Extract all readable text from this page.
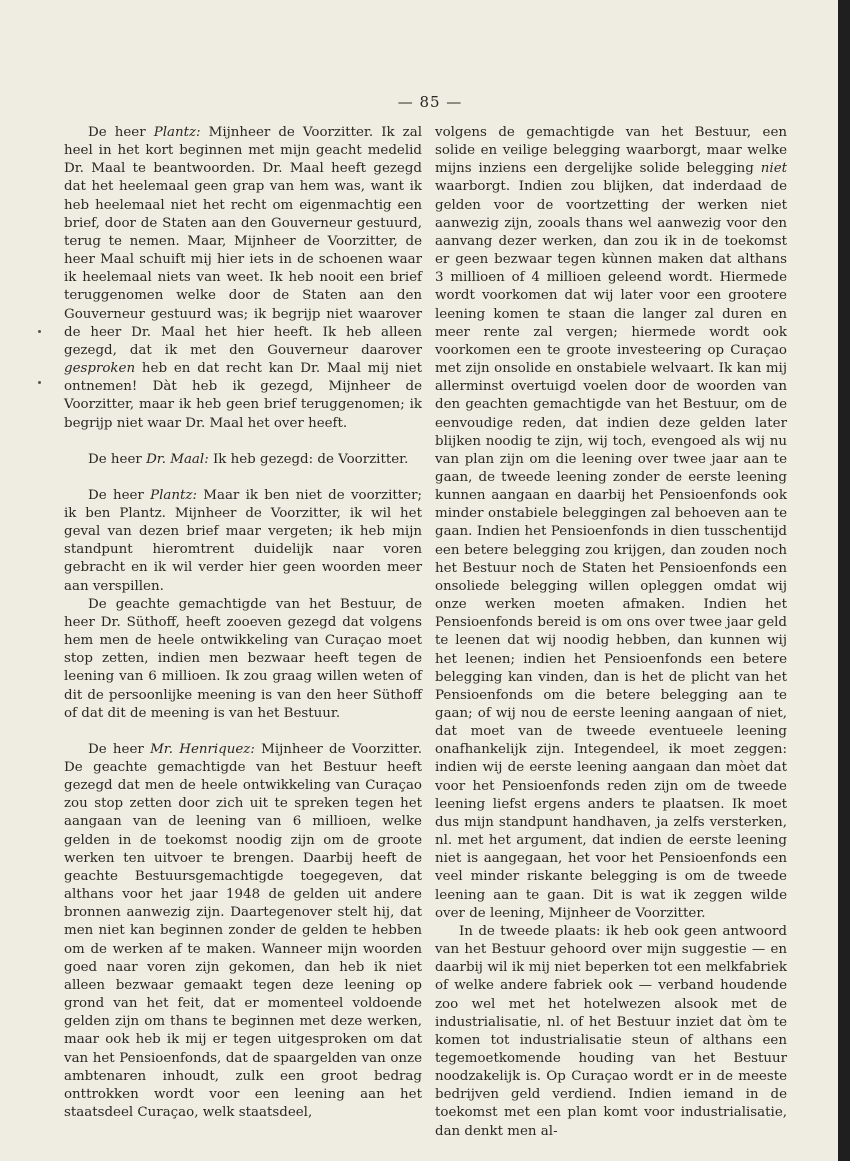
— 85 —

De heer Plantz: Mijnheer de Voorzitter. Ik zal heel in het kort beginnen met mijn geacht medelid Dr. Maal te beantwoorden. Dr. Maal heeft gezegd dat het heelemaal geen grap van hem was, want ik heb heelemaal niet het recht om eigenmachtig een brief, door de Staten aan den Gouverneur gestuurd, terug te nemen. Maar, Mijnheer de Voorzitter, de heer Maal schuift mij hier iets in de schoenen waar ik heelemaal niets van weet. Ik heb nooit een brief teruggenomen welke door de Staten aan den Gouverneur gestuurd was; ik begrijp niet waarover de heer Dr. Maal het hier heeft. Ik heb alleen gezegd, dat ik met den Gouverneur daarover gesproken heb en dat recht kan Dr. Maal mij niet ontnemen! Dàt heb ik gezegd, Mijnheer de Voorzitter, maar ik heb geen brief teruggenomen; ik begrijp niet waar Dr. Maal het over heeft.

De heer Dr. Maal: Ik heb gezegd: de Voorzitter.

De heer Plantz: Maar ik ben niet de voorzitter; ik ben Plantz. Mijnheer de Voorzitter, ik wil het geval van dezen brief maar vergeten; ik heb mijn standpunt hieromtrent duidelijk naar voren gebracht en ik wil verder hier geen woorden meer aan verspillen.

De geachte gemachtigde van het Bestuur, de heer Dr. Süthoff, heeft zooeven gezegd dat volgens hem men de heele ontwikkeling van Curaçao moet stop zetten, indien men bezwaar heeft tegen de leening van 6 millioen. Ik zou graag willen weten of dit de persoonlijke meening is van den heer Süthoff of dat dit de meening is van het Bestuur.

De heer Mr. Henriquez: Mijnheer de Voorzitter. De geachte gemachtigde van het Bestuur heeft gezegd dat men de heele ontwikkeling van Curaçao zou stop zetten door zich uit te spreken tegen het aangaan van de leening van 6 millioen, welke gelden in de toekomst noodig zijn om de groote werken ten uitvoer te brengen. Daarbij heeft de geachte Bestuursgemachtigde toegegeven, dat althans voor het jaar 1948 de gelden uit andere bronnen aanwezig zijn. Daartegenover stelt hij, dat men niet kan beginnen zonder de gelden te hebben om de werken af te maken. Wanneer mijn woorden goed naar voren zijn gekomen, dan heb ik niet alleen bezwaar gemaakt tegen deze leening op grond van het feit, dat er momenteel voldoende gelden zijn om thans te beginnen met deze werken, maar ook heb ik mij er tegen uitgesproken om dat van het Pensioenfonds, dat de spaargelden van onze ambtenaren inhoudt, zulk een groot bedrag onttrokken wordt voor een leening aan het staatsdeel Curaçao, welk staatsdeel,

volgens de gemachtigde van het Bestuur, een solide en veilige belegging waarborgt, maar welke mijns inziens een dergelijke solide belegging niet waarborgt. Indien zou blijken, dat inderdaad de gelden voor de voortzetting der werken niet aanwezig zijn, zooals thans wel aanwezig voor den aanvang dezer werken, dan zou ik in de toekomst er geen bezwaar tegen kùnnen maken dat althans 3 millioen of 4 millioen geleend wordt. Hiermede wordt voorkomen dat wij later voor een grootere leening komen te staan die langer zal duren en meer rente zal vergen; hiermede wordt ook voorkomen een te groote investeering op Curaçao met zijn onsolide en onstabiele welvaart. Ik kan mij allerminst overtuigd voelen door de woorden van den geachten gemachtigde van het Bestuur, om de eenvoudige reden, dat indien deze gelden later blijken noodig te zijn, wij toch, evengoed als wij nu van plan zijn om die leening over twee jaar aan te gaan, de tweede leening zonder de eerste leening kunnen aangaan en daarbij het Pensioenfonds ook minder onstabiele beleggingen zal behoeven aan te gaan. Indien het Pensioenfonds in dien tusschentijd een betere belegging zou krijgen, dan zouden noch het Bestuur noch de Staten het Pensioenfonds een onsoliede belegging willen opleggen omdat wij onze werken moeten afmaken. Indien het Pensioenfonds bereid is om ons over twee jaar geld te leenen dat wij noodig hebben, dan kunnen wij het leenen; indien het Pensioenfonds een betere belegging kan vinden, dan is het de plicht van het Pensioenfonds om die betere belegging aan te gaan; of wij nou de eerste leening aangaan of niet, dat moet van de tweede eventueele leening onafhankelijk zijn. Integendeel, ik moet zeggen: indien wij de eerste leening aangaan dan mòet dat voor het Pensioenfonds reden zijn om de tweede leening liefst ergens anders te plaatsen. Ik moet dus mijn standpunt handhaven, ja zelfs versterken, nl. met het argument, dat indien de eerste leening niet is aangegaan, het voor het Pensioenfonds een veel minder riskante belegging is om de tweede leening aan te gaan. Dit is wat ik zeggen wilde over de leening, Mijnheer de Voorzitter.

In de tweede plaats: ik heb ook geen antwoord van het Bestuur gehoord over mijn suggestie — en daarbij wil ik mij niet beperken tot een melkfabriek of welke andere fabriek ook — verband houdende zoo wel met het hotelwezen alsook met de industrialisatie, nl. of het Bestuur inziet dat òm te komen tot industrialisatie steun of althans een tegemoetkomende houding van het Bestuur noodzakelijk is. Op Curaçao wordt er in de meeste bedrijven geld verdiend. Indien iemand in de toekomst met een plan komt voor industrialisatie, dan denkt men al-
